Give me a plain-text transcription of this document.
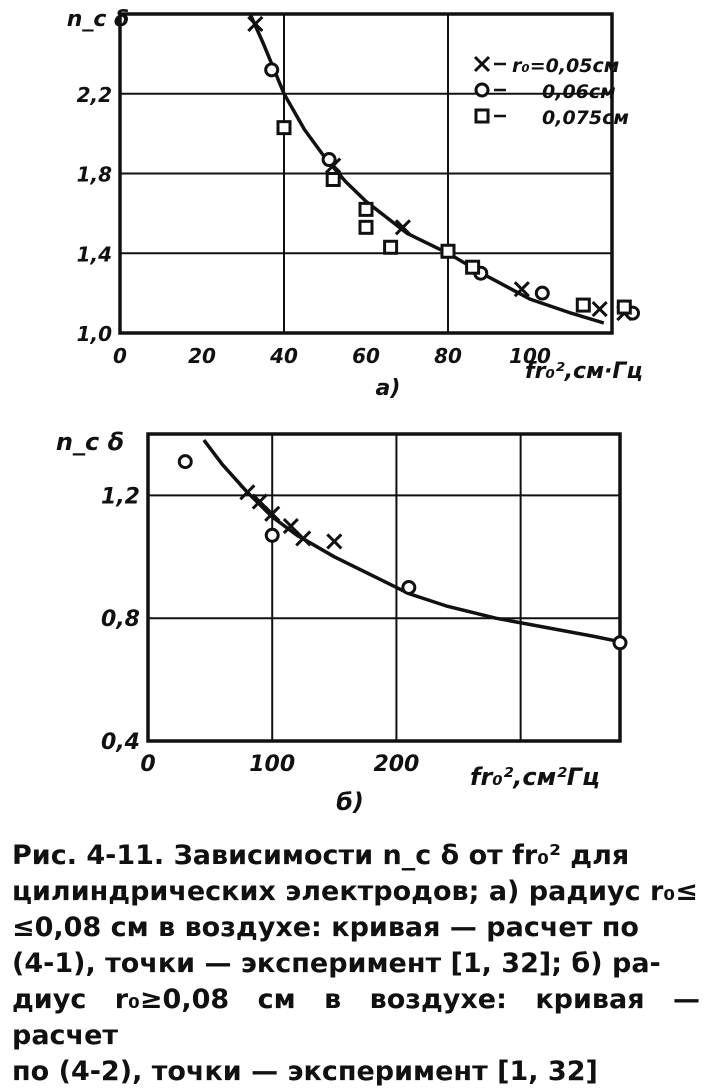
0	20	40	60	80 100
1,0
1,4
1,8
2,2
n_c δ
fr₀²,см·Гц
а)
r₀=0,05см
0,06см
0,075см
0	100	200
0,4
0,8
1,2
n_c δ
fr₀²,см²Гц
б)
Рис. 4-11. Зависимости n_c δ от fr₀² для
цилиндрических электродов; а) радиус r₀≤
≤0,08 см в воздухе: кривая — расчет по
(4-1), точки — эксперимент [1, 32]; б) ра-
диус r₀≥0,08 см в воздухе: кривая — расчет
по (4-2), точки — эксперимент [1, 32]
